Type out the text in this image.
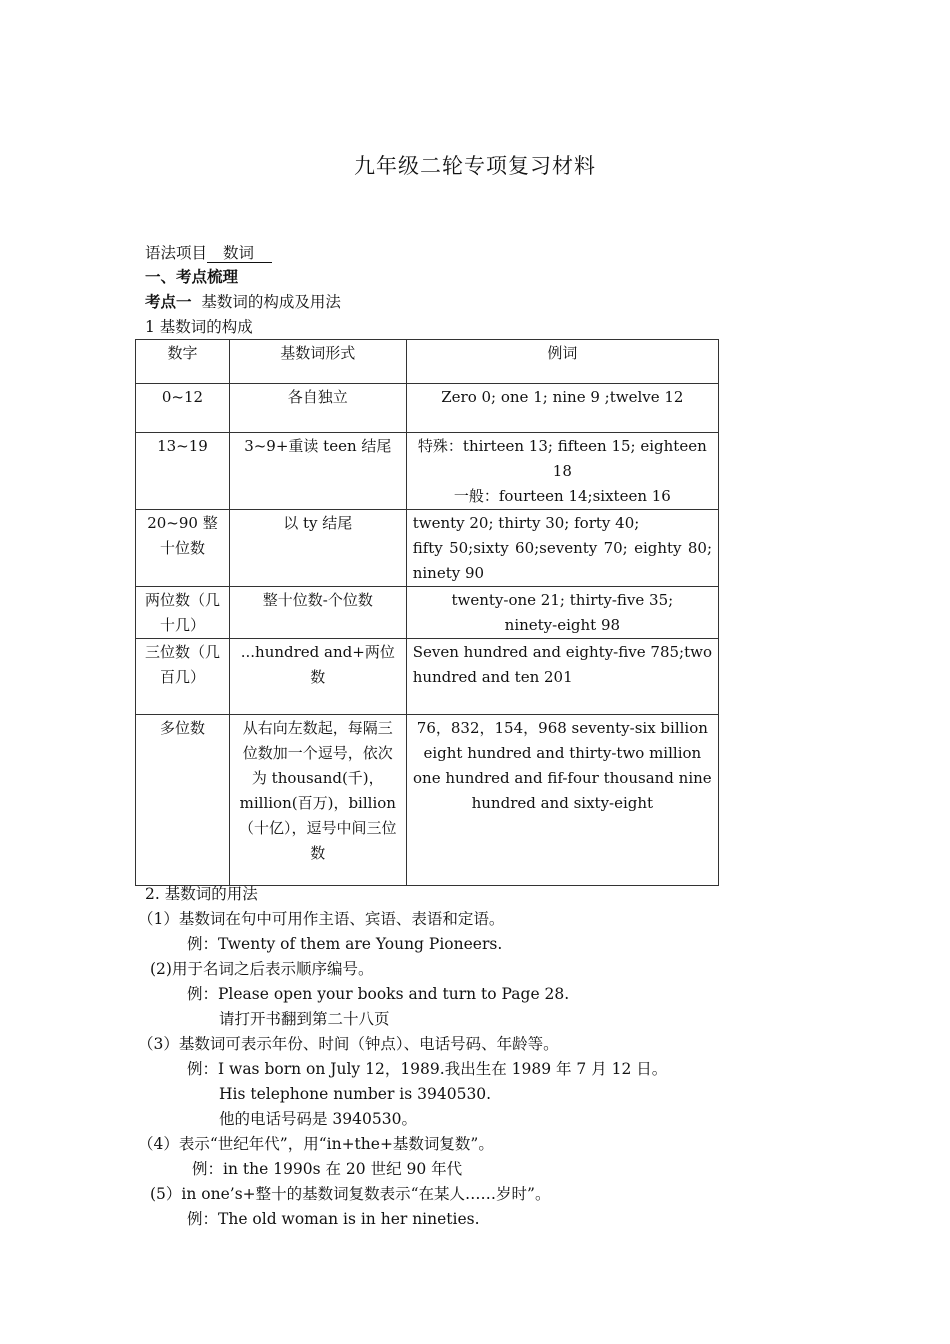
九年级二轮专项复习材料
语法项目 数词
一、考点梳理
考点一 基数词的构成及用法
1 基数词的构成
数字	基数词形式	例词
0~12	各自独立	Zero 0; one 1; nine 9 ;twelve 12
13~19	3~9+重读 teen 结尾	特殊：thirteen 13; fifteen 15; eighteen 18
一般：fourteen 14;sixteen 16

20~90 整十位数	以 ty 结尾	twenty 20; thirty 30; forty 40;
fifty 50;sixty 60;seventy 70; eighty 80;
ninety 90

两位数（几十几）	整十位数-个位数	twenty-one 21; thirty-five 35;
ninety-eight 98

三位数（几百几）	...hundred and+两位数	Seven hundred and eighty-five 785;two
hundred and ten 201

多位数	从右向左数起，每隔三位数加一个逗号，依次为 thousand(千)，million(百万)，billion（十亿），逗号中间三位数	76，832，154，968 seventy-six billion eight hundred and thirty-two million one hundred and fif-four thousand nine hundred and sixty-eight
2. 基数词的用法
（1）基数词在句中可用作主语、宾语、表语和定语。
例：Twenty of them are Young Pioneers.
(2)用于名词之后表示顺序编号。
例：Please open your books and turn to Page 28.
请打开书翻到第二十八页
（3）基数词可表示年份、时间（钟点）、电话号码、年龄等。
例：I was born on July 12，1989.我出生在 1989 年 7 月 12 日。
His telephone number is 3940530.
他的电话号码是 3940530。
（4）表示“世纪年代”，用“in+the+基数词复数”。
例：in the 1990s 在 20 世纪 90 年代
(5）in one’s+整十的基数词复数表示“在某人……岁时”。
例：The old woman is in her nineties.
